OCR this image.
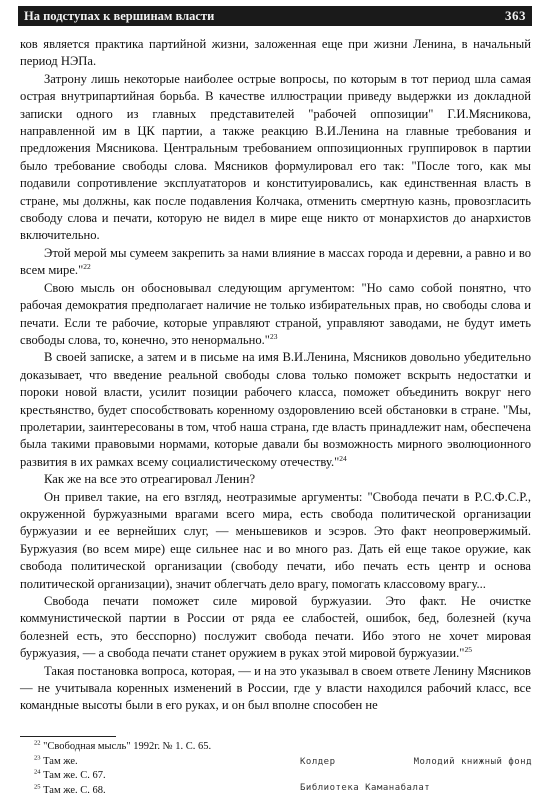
На подступах к вершинам власти	363

ков является практика партийной жизни, заложенная еще при жизни Ленина, в начальный период НЭПа.

Затрону лишь некоторые наиболее острые вопросы, по которым в тот период шла самая острая внутрипартийная борьба. В качестве иллюстрации приведу выдержки из докладной записки одного из главных представителей "рабочей оппозиции" Г.И.Мясникова, направленной им в ЦК партии, а также реакцию В.И.Ленина на главные требования и предложения Мясникова. Центральным требованием оппозиционных группировок в партии было требование свободы слова. Мясников формулировал его так: "После того, как мы подавили сопротивление эксплуататоров и конституировались, как единственная власть в стране, мы должны, как после подавления Колчака, отменить смертную казнь, провозгласить свободу слова и печати, которую не видел в мире еще никто от монархистов до анархистов включительно.

Этой мерой мы сумеем закрепить за нами влияние в массах города и деревни, а равно и во всем мире."$^{22}$

Свою мысль он обосновывал следующим аргументом: "Но само собой понятно, что рабочая демократия предполагает наличие не только избирательных прав, но свободы слова и печати. Если те рабочие, которые управляют страной, управляют заводами, не будут иметь свободы слова, то, конечно, это ненормально."$^{23}$

В своей записке, а затем и в письме на имя В.И.Ленина, Мясников довольно убедительно доказывает, что введение реальной свободы слова только поможет вскрыть недостатки и пороки новой власти, усилит позиции рабочего класса, поможет объединить вокруг него крестьянство, будет способствовать коренному оздоровлению всей обстановки в стране. "Мы, пролетарии, заинтересованы в том, чтоб наша страна, где власть принадлежит нам, обеспечена была такими правовыми нормами, которые давали бы возможность мирного эволюционного развития в их рамках всему социалистическому отечеству."$^{24}$

Как же на все это отреагировал Ленин?

Он привел такие, на его взгляд, неотразимые аргументы: "Свобода печати в Р.С.Ф.С.Р., окруженной буржуазными врагами всего мира, есть свобода политической организации буржуазии и ее вернейших слуг, — меньшевиков и эсэров. Это факт неопровержимый. Буржуазия (во всем мире) еще сильнее нас и во много раз. Дать ей еще такое оружие, как свобода политической организации (свободу печати, ибо печать есть центр и основа политической организации), значит облегчать дело врагу, помогать классовому врагу...

Свобода печати поможет силе мировой буржуазии. Это факт. Не очистке коммунистической партии в России от ряда ее слабостей, ошибок, бед, болезней (куча болезней есть, это бесспорно) послужит свобода печати. Ибо этого не хочет мировая буржуазия, — а свобода печати станет оружием в руках этой мировой буржуазии."$^{25}$

Такая постановка вопроса, которая, — и на это указывал в своем ответе Ленину Мясников — не учитывала коренных изменений в России, где у власти находился рабочий класс, все командные высоты были в его руках, и он был вполне способен не

$^{22}$ "Свободная мысль" 1992г. № 1. С. 65.
$^{23}$ Там же.
$^{24}$ Там же. С. 67.
$^{25}$ Там же. С. 68.
Колдер	Молодий книжный фонд
Библиотека Каманабалат
